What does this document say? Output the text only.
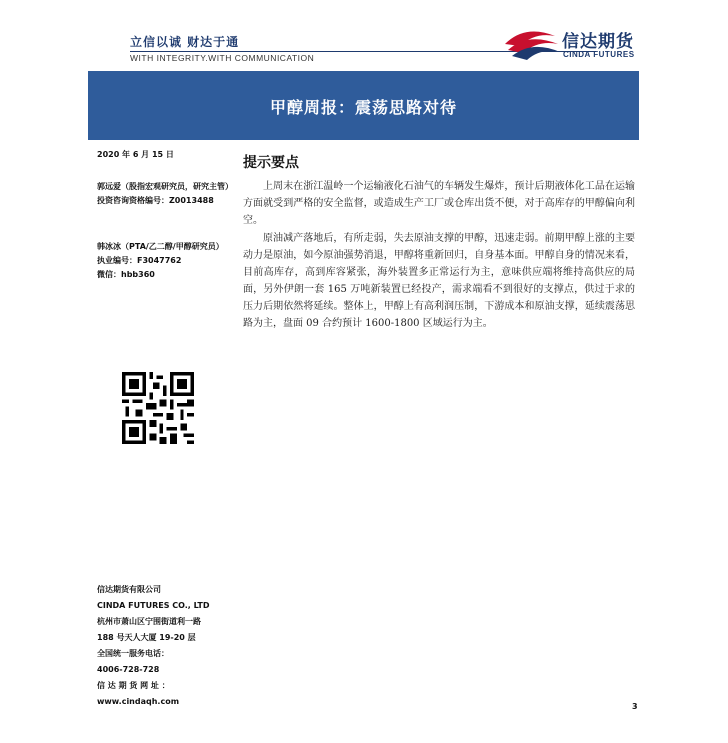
立信以诚 财达于通
WITH INTEGRITY.WITH COMMUNICATION
信达期货
CINDA FUTURES
甲醇周报：震荡思路对待
2020 年 6 月 15 日
郭远爱（股指宏观研究员，研究主管）
投资咨询资格编号：Z0013488
韩冰冰（PTA/乙二醇/甲醇研究员）
执业编号：F3047762
微信：hbb360
提示要点
上周末在浙江温岭一个运输液化石油气的车辆发生爆炸，预计后期液体化工品在运输方面就受到严格的安全监督，或造成生产工厂或仓库出货不便，对于高库存的甲醇偏向利空。
原油减产落地后，有所走弱，失去原油支撑的甲醇，迅速走弱。前期甲醇上涨的主要动力是原油，如今原油强势消退，甲醇将重新回归，自身基本面。甲醇自身的情况来看，目前高库存，高到库容紧张，海外装置多正常运行为主，意味供应端将维持高供应的局面，另外伊朗一套 165 万吨新装置已经投产，需求端看不到很好的支撑点，供过于求的压力后期依然将延续。整体上，甲醇上有高利润压制，下游成本和原油支撑，延续震荡思路为主，盘面 09 合约预计 1600-1800 区域运行为主。
信达期货有限公司
CINDA FUTURES CO., LTD
杭州市萧山区宁围街道利一路
188 号天人大厦 19-20 层
全国统一服务电话：
4006-728-728
信 达 期 货 网 址 ：
www.cindaqh.com
3
